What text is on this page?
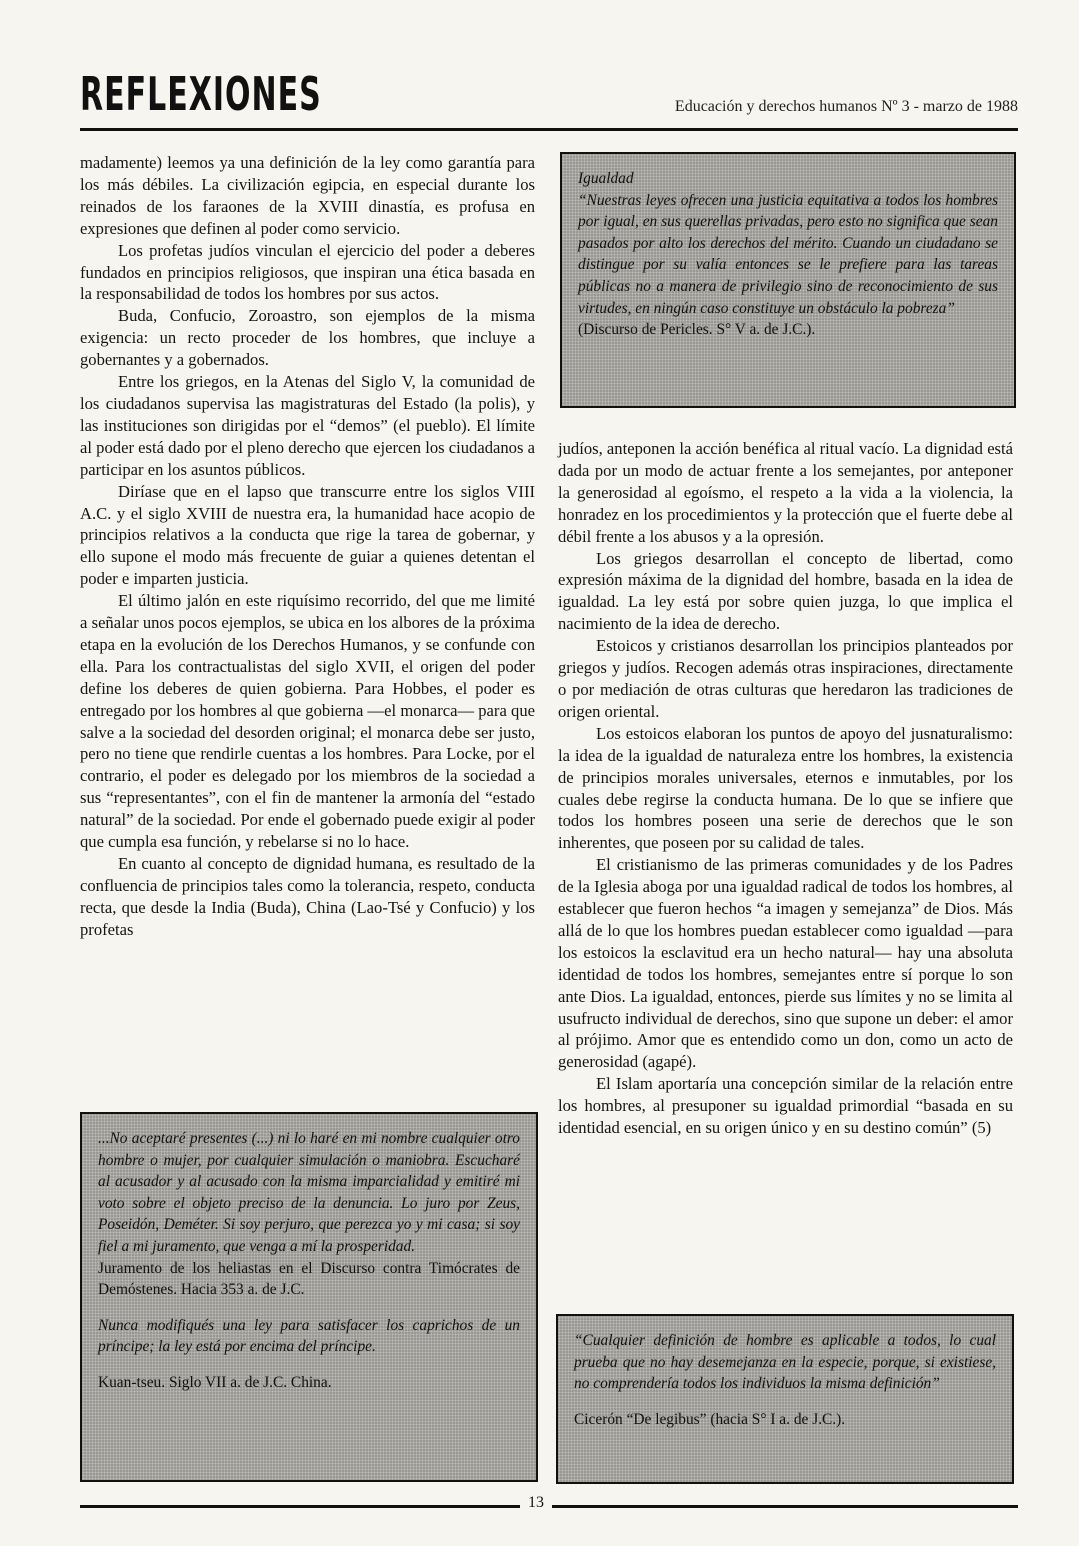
REFLEXIONES	Educación y derechos humanos Nº 3 - marzo de 1988

madamente) leemos ya una definición de la ley como garantía para los más débiles. La civilización egipcia, en especial durante los reinados de los faraones de la XVIII dinastía, es profusa en expresiones que definen al poder como servicio.

Los profetas judíos vinculan el ejercicio del poder a deberes fundados en principios religiosos, que inspiran una ética basada en la responsabilidad de todos los hombres por sus actos.

Buda, Confucio, Zoroastro, son ejemplos de la misma exigencia: un recto proceder de los hombres, que incluye a gobernantes y a gobernados.

Entre los griegos, en la Atenas del Siglo V, la comunidad de los ciudadanos supervisa las magistraturas del Estado (la polis), y las instituciones son dirigidas por el “demos” (el pueblo). El límite al poder está dado por el pleno derecho que ejercen los ciudadanos a participar en los asuntos públicos.

Diríase que en el lapso que transcurre entre los siglos VIII A.C. y el siglo XVIII de nuestra era, la humanidad hace acopio de principios relativos a la conducta que rige la tarea de gobernar, y ello supone el modo más frecuente de guiar a quienes detentan el poder e imparten justicia.

El último jalón en este riquísimo recorrido, del que me limité a señalar unos pocos ejemplos, se ubica en los albores de la próxima etapa en la evolución de los Derechos Humanos, y se confunde con ella. Para los contractualistas del siglo XVII, el origen del poder define los deberes de quien gobierna. Para Hobbes, el poder es entregado por los hombres al que gobierna —el monarca— para que salve a la sociedad del desorden original; el monarca debe ser justo, pero no tiene que rendirle cuentas a los hombres. Para Locke, por el contrario, el poder es delegado por los miembros de la sociedad a sus “representantes”, con el fin de mantener la armonía del “estado natural” de la sociedad. Por ende el gobernado puede exigir al poder que cumpla esa función, y rebelarse si no lo hace.

En cuanto al concepto de dignidad humana, es resultado de la confluencia de principios tales como la tolerancia, respeto, conducta recta, que desde la India (Buda), China (Lao-Tsé y Confucio) y los profetas

Igualdad

“Nuestras leyes ofrecen una justicia equitativa a todos los hombres por igual, en sus querellas privadas, pero esto no significa que sean pasados por alto los derechos del mérito. Cuando un ciudadano se distingue por su valía entonces se le prefiere para las tareas públicas no a manera de privilegio sino de reconocimiento de sus virtudes, en ningún caso constituye un obstáculo la pobreza”

(Discurso de Pericles. S° V a. de J.C.).

judíos, anteponen la acción benéfica al ritual vacío. La dignidad está dada por un modo de actuar frente a los semejantes, por anteponer la generosidad al egoísmo, el respeto a la vida a la violencia, la honradez en los procedimientos y la protección que el fuerte debe al débil frente a los abusos y a la opresión.

Los griegos desarrollan el concepto de libertad, como expresión máxima de la dignidad del hombre, basada en la idea de igualdad. La ley está por sobre quien juzga, lo que implica el nacimiento de la idea de derecho.

Estoicos y cristianos desarrollan los principios planteados por griegos y judíos. Recogen además otras inspiraciones, directamente o por mediación de otras culturas que heredaron las tradiciones de origen oriental.

Los estoicos elaboran los puntos de apoyo del jusnaturalismo: la idea de la igualdad de naturaleza entre los hombres, la existencia de principios morales universales, eternos e inmutables, por los cuales debe regirse la conducta humana. De lo que se infiere que todos los hombres poseen una serie de derechos que le son inherentes, que poseen por su calidad de tales.

El cristianismo de las primeras comunidades y de los Padres de la Iglesia aboga por una igualdad radical de todos los hombres, al establecer que fueron hechos “a imagen y semejanza” de Dios. Más allá de lo que los hombres puedan establecer como igualdad —para los estoicos la esclavitud era un hecho natural— hay una absoluta identidad de todos los hombres, semejantes entre sí porque lo son ante Dios. La igualdad, entonces, pierde sus límites y no se limita al usufructo individual de derechos, sino que supone un deber: el amor al prójimo. Amor que es entendido como un don, como un acto de generosidad (agapé).

El Islam aportaría una concepción similar de la relación entre los hombres, al presuponer su igualdad primordial “basada en su identidad esencial, en su origen único y en su destino común” (5)

...No aceptaré presentes (...) ni lo haré en mi nombre cualquier otro hombre o mujer, por cualquier simulación o maniobra. Escucharé al acusador y al acusado con la misma imparcialidad y emitiré mi voto sobre el objeto preciso de la denuncia. Lo juro por Zeus, Poseidón, Deméter. Si soy perjuro, que perezca yo y mi casa; si soy fiel a mi juramento, que venga a mí la prosperidad.

Juramento de los heliastas en el Discurso contra Timócrates de Demóstenes. Hacia 353 a. de J.C.

Nunca modifiqués una ley para satisfacer los caprichos de un príncipe; la ley está por encima del príncipe.

Kuan-tseu. Siglo VII a. de J.C. China.

“Cualquier definición de hombre es aplicable a todos, lo cual prueba que no hay desemejanza en la especie, porque, si existiese, no comprendería todos los individuos la misma definición”

Cicerón “De legibus” (hacia S° I a. de J.C.).

13
